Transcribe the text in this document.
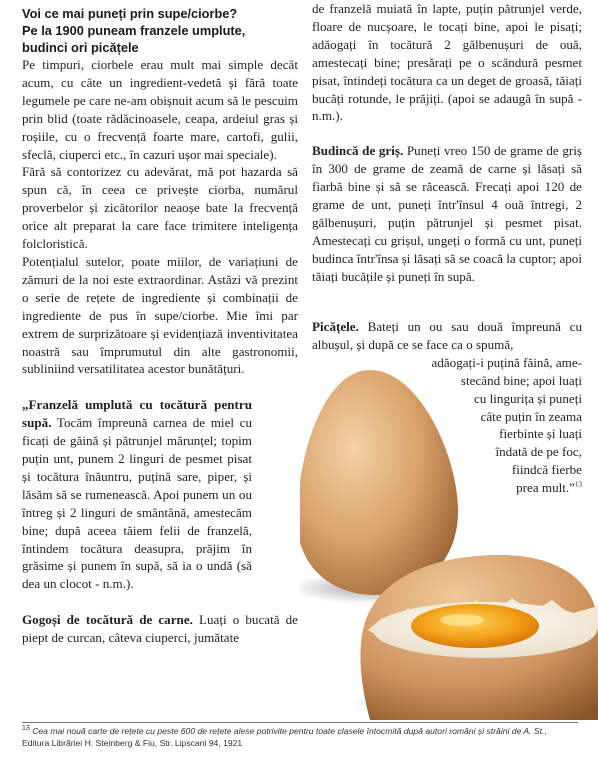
Voi ce mai puneți prin supe/ciorbe?
Pe la 1900 puneam franzele umplute,
budinci ori picățele

Pe timpuri, ciorbele erau mult mai simple decât acum, cu câte un ingredient-vedetă și fără toate legumele pe care ne-am obișnuit acum să le pescuim prin blid (toate rădăcinoasele, ceapa, ardeiul gras și roșiile, cu o frecvență foarte mare, cartofi, gulii, sfeclă, ciuperci etc., în cazuri ușor mai speciale).

Fără să contorizez cu adevărat, mă pot hazarda să spun că, în ceea ce privește ciorba, numărul proverbelor și zicătorilor neaoșe bate la frecvență orice alt preparat la care face trimitere inteligența folcloristică.

Potențialul sutelor, poate miilor, de variațiuni de zămuri de la noi este extraordinar. Astăzi vă prezint o serie de rețete de ingrediente și combinații de ingrediente de pus în supe/ciorbe. Mie îmi par extrem de surprizătoare și evidențiază inventivitatea noastră sau împrumutul din alte gastronomii, subliniind versatilitatea acestor bunătățuri.

„Franzelă umplută cu tocătură pentru supă. Tocăm împreună carnea de miel cu ficați de găină și pătrunjel mărunțel; topim puțin unt, punem 2 linguri de pesmet pisat și tocătura înăuntru, puțină sare, piper, și lăsăm să se rumenească. Apoi punem un ou întreg și 2 linguri de smântână, amestecăm bine; după aceea tăiem felii de franzelă, întindem tocătura deasupra, prăjim în grăsime și punem în supă, să ia o undă (să dea un clocot - n.m.).

Gogoși de tocătură de carne. Luați o bucată de piept de curcan, câteva ciuperci, jumătate

de franzelă muiată în lapte, puțin pătrunjel verde, floare de nucșoare, le tocați bine, apoi le pisați; adăogați în tocătură 2 gălbenușuri de ouă, amestecați bine; presărați pe o scândură pesmet pisat, întindeți tocătura ca un deget de groasă, tăiați bucăți rotunde, le prăjiți. (apoi se adaugă în supă - n.m.).

Budincă de griș. Puneți vreo 150 de grame de griș în 300 de grame de zeamă de carne și lăsați să fiarbă bine și să se răcească. Frecați apoi 120 de grame de unt, puneți într'însul 4 ouă întregi, 2 gălbenușuri, puțin pătrunjel și pesmet pisat. Amestecați cu grișul, ungeți o formă cu unt, puneți budinca într'însa și lăsați să se coacă la cuptor; apoi tăiați bucățile și puneți în supă.

Picățele. Bateți un ou sau două împreună cu albușul, și după ce se face ca o spumă,
adăogați-i puțină făină, ame-
stecând bine; apoi luați
cu lingurița și puneți
câte puțin în zeama
fierbinte și luați
îndată de pe foc,
fiindcă fierbe
prea mult.”$^{13}$
$^{13}$ Cea mai nouă carte de rețete cu peste 600 de rețete alese potrivite pentru toate clasele întocmită după autori români și străini de A. St.,
Editura Librăriei H. Steinberg & Fiu, Str. Lipscani 94, 1921
